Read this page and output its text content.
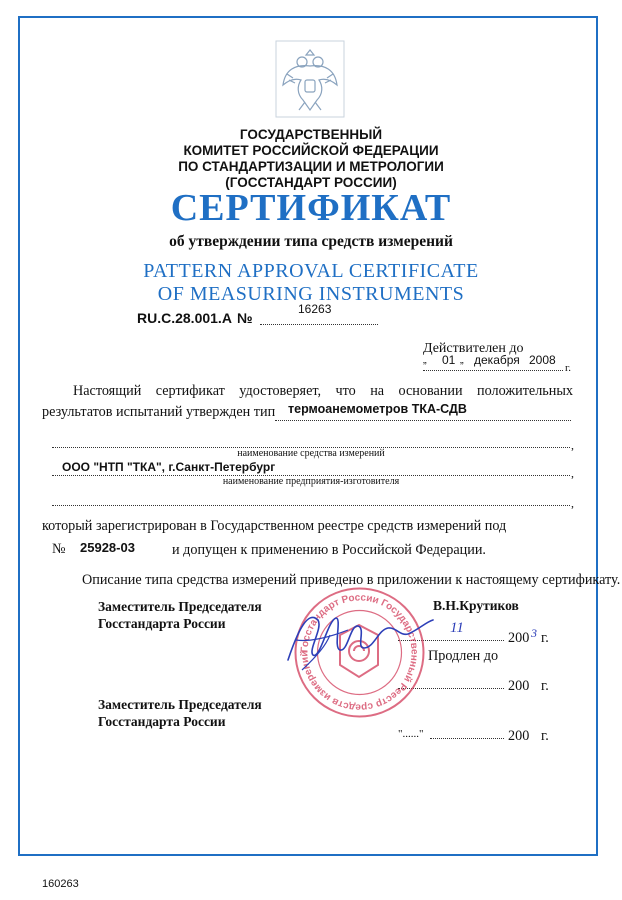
ГОСУДАРСТВЕННЫЙ
КОМИТЕТ РОССИЙСКОЙ ФЕДЕРАЦИИ
ПО СТАНДАРТИЗАЦИИ И МЕТРОЛОГИИ
(ГОССТАНДАРТ РОССИИ)
СЕРТИФИКАТ
об утверждении типа средств измерений
PATTERN APPROVAL CERTIFICATE
OF MEASURING INSTRUMENTS
RU.C.28.001.A №
16263
Действителен до
„ 01 „ декабря 2008
г.
Настоящий сертификат удостоверяет, что на основании положительных
результатов испытаний утвержден тип термоанемометров ТКА-СДВ
,
наименование средства измерений
ООО "НТП "ТКА", г.Санкт-Петербург	,
наименование предприятия-изготовителя
,
который зарегистрирован в Государственном реестре средств измерений под
№ 25928-03	и допущен к применению в Российской Федерации.
Описание типа средства измерений приведено в приложении к настоящему сертификату.
Заместитель Председателя
Госстандарта России
В.Н.Крутиков
11
200 3 г.
Продлен до
200 г.
Заместитель Председателя
Госстандарта России
"......"	200 г.
Госстандарт России Государственный Реестр средств измерений
160263
